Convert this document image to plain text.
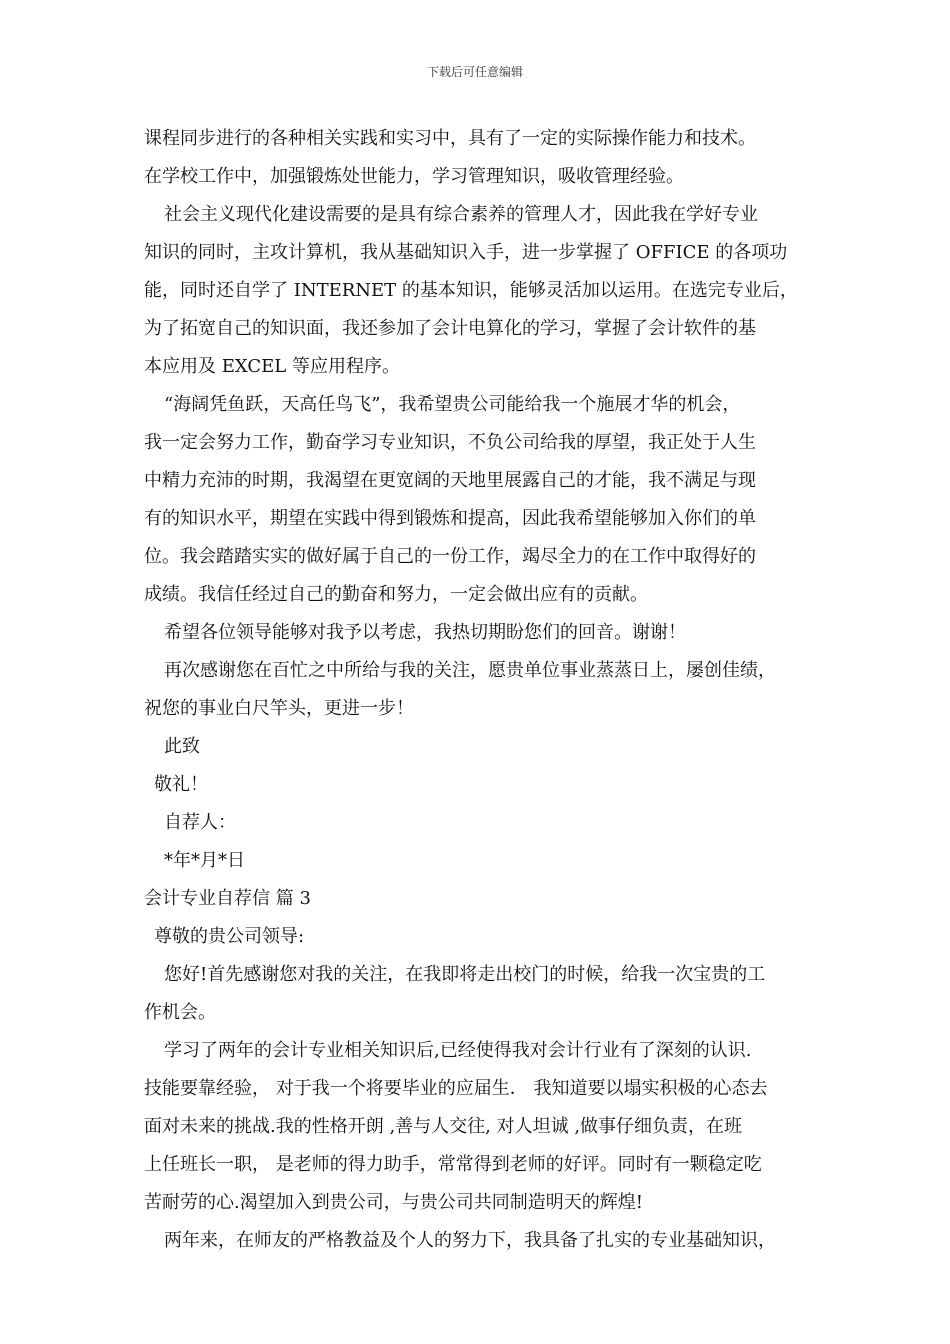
下载后可任意编辑
课程同步进行的各种相关实践和实习中，具有了一定的实际操作能力和技术。
在学校工作中，加强锻炼处世能力，学习管理知识，吸收管理经验。
社会主义现代化建设需要的是具有综合素养的管理人才，因此我在学好专业
知识的同时，主攻计算机，我从基础知识入手，进一步掌握了 OFFICE 的各项功
能，同时还自学了 INTERNET 的基本知识，能够灵活加以运用。在选完专业后，
为了拓宽自己的知识面，我还参加了会计电算化的学习，掌握了会计软件的基
本应用及 EXCEL 等应用程序。
“海阔凭鱼跃，天高任鸟飞”，我希望贵公司能给我一个施展才华的机会，
我一定会努力工作，勤奋学习专业知识，不负公司给我的厚望，我正处于人生
中精力充沛的时期，我渴望在更宽阔的天地里展露自己的才能，我不满足与现
有的知识水平，期望在实践中得到锻炼和提高，因此我希望能够加入你们的单
位。我会踏踏实实的做好属于自己的一份工作，竭尽全力的在工作中取得好的
成绩。我信任经过自己的勤奋和努力，一定会做出应有的贡献。
希望各位领导能够对我予以考虑，我热切期盼您们的回音。谢谢！
再次感谢您在百忙之中所给与我的关注，愿贵单位事业蒸蒸日上，屡创佳绩，
祝您的事业白尺竿头，更进一步！
此致
敬礼！
自荐人：
*年*月*日
会计专业自荐信 篇 3
尊敬的贵公司领导:
您好!首先感谢您对我的关注，在我即将走出校门的时候，给我一次宝贵的工
作机会。
学习了两年的会计专业相关知识后,已经使得我对会计行业有了深刻的认识.
技能要靠经验， 对于我一个将要毕业的应届生． 我知道要以塌实积极的心态去
面对未来的挑战.我的性格开朗 ,善与人交往, 对人坦诚 ,做事仔细负责，在班
上任班长一职， 是老师的得力助手，常常得到老师的好评。同时有一颗稳定吃
苦耐劳的心.渴望加入到贵公司，与贵公司共同制造明天的辉煌!
两年来，在师友的严格教益及个人的努力下，我具备了扎实的专业基础知识，
